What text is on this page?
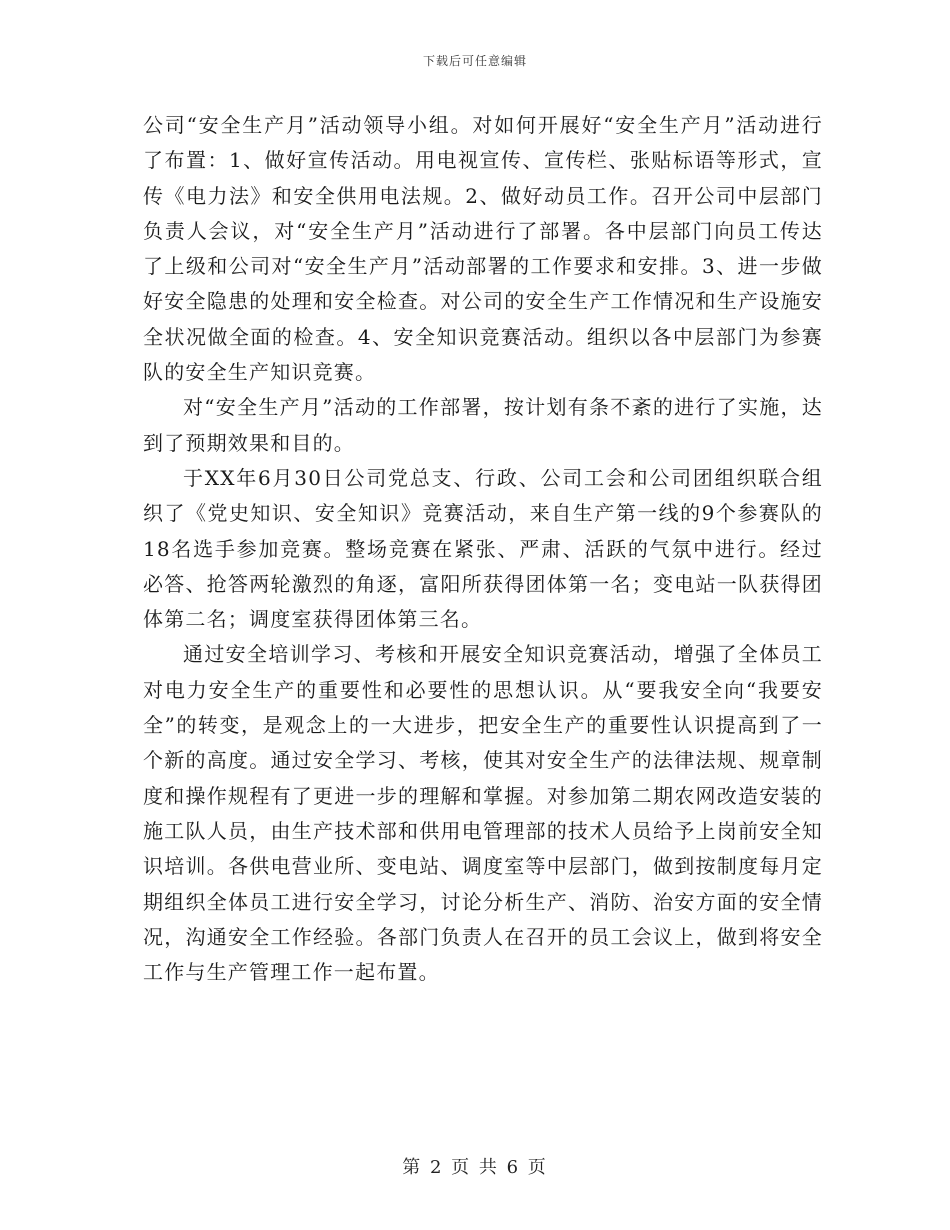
下载后可任意编辑

公司“安全生产月”活动领导小组。对如何开展好“安全生产月”活动进行了布置：1、做好宣传活动。用电视宣传、宣传栏、张贴标语等形式，宣传《电力法》和安全供用电法规。2、做好动员工作。召开公司中层部门负责人会议，对“安全生产月”活动进行了部署。各中层部门向员工传达了上级和公司对“安全生产月”活动部署的工作要求和安排。3、进一步做好安全隐患的处理和安全检查。对公司的安全生产工作情况和生产设施安全状况做全面的检查。4、安全知识竞赛活动。组织以各中层部门为参赛队的安全生产知识竞赛。

对“安全生产月”活动的工作部署，按计划有条不紊的进行了实施，达到了预期效果和目的。

于XX年6月30日公司党总支、行政、公司工会和公司团组织联合组织了《党史知识、安全知识》竞赛活动，来自生产第一线的9个参赛队的18名选手参加竞赛。整场竞赛在紧张、严肃、活跃的气氛中进行。经过必答、抢答两轮激烈的角逐，富阳所获得团体第一名；变电站一队获得团体第二名；调度室获得团体第三名。

通过安全培训学习、考核和开展安全知识竞赛活动，增强了全体员工对电力安全生产的重要性和必要性的思想认识。从“要我安全向“我要安全”的转变，是观念上的一大进步，把安全生产的重要性认识提高到了一个新的高度。通过安全学习、考核，使其对安全生产的法律法规、规章制度和操作规程有了更进一步的理解和掌握。对参加第二期农网改造安装的施工队人员，由生产技术部和供用电管理部的技术人员给予上岗前安全知识培训。各供电营业所、变电站、调度室等中层部门，做到按制度每月定期组织全体员工进行安全学习，讨论分析生产、消防、治安方面的安全情况，沟通安全工作经验。各部门负责人在召开的员工会议上，做到将安全工作与生产管理工作一起布置。

第 2 页 共 6 页
